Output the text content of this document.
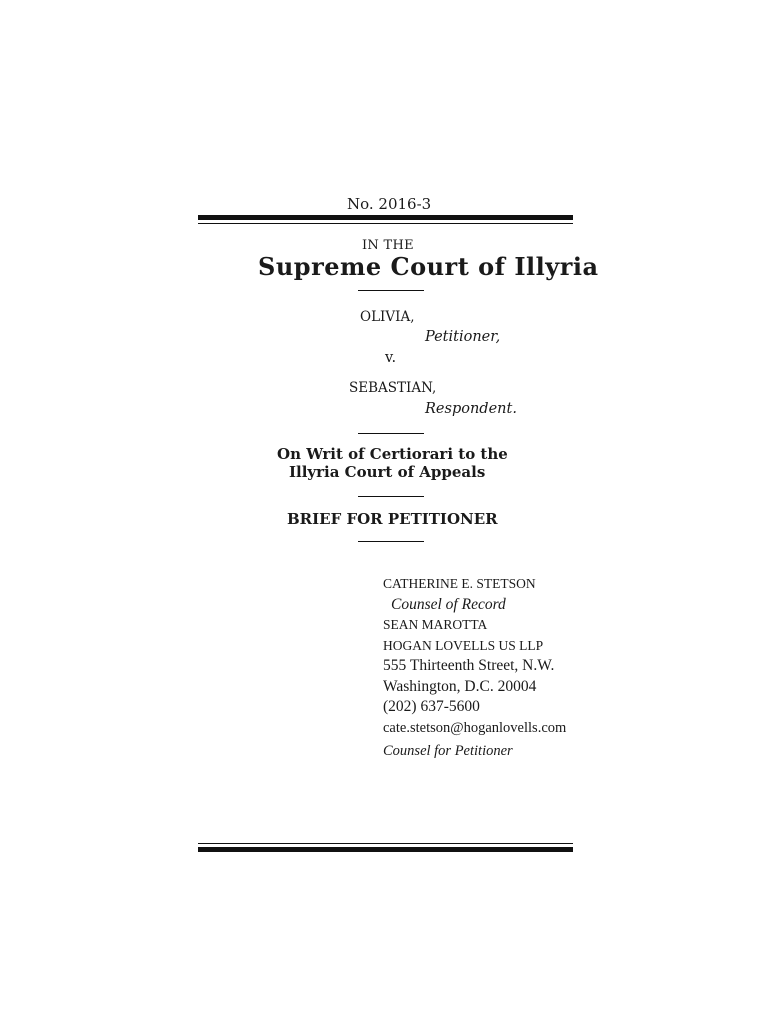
No. 2016-3
IN THE
Supreme Court of Illyria
OLIVIA,
Petitioner,
v.
SEBASTIAN,
Respondent.
On Writ of Certiorari to the
Illyria Court of Appeals
BRIEF FOR PETITIONER
CATHERINE E. STETSON
Counsel of Record
SEAN MAROTTA
HOGAN LOVELLS US LLP
555 Thirteenth Street, N.W.
Washington, D.C. 20004
(202) 637-5600
cate.stetson@hoganlovells.com
Counsel for Petitioner
